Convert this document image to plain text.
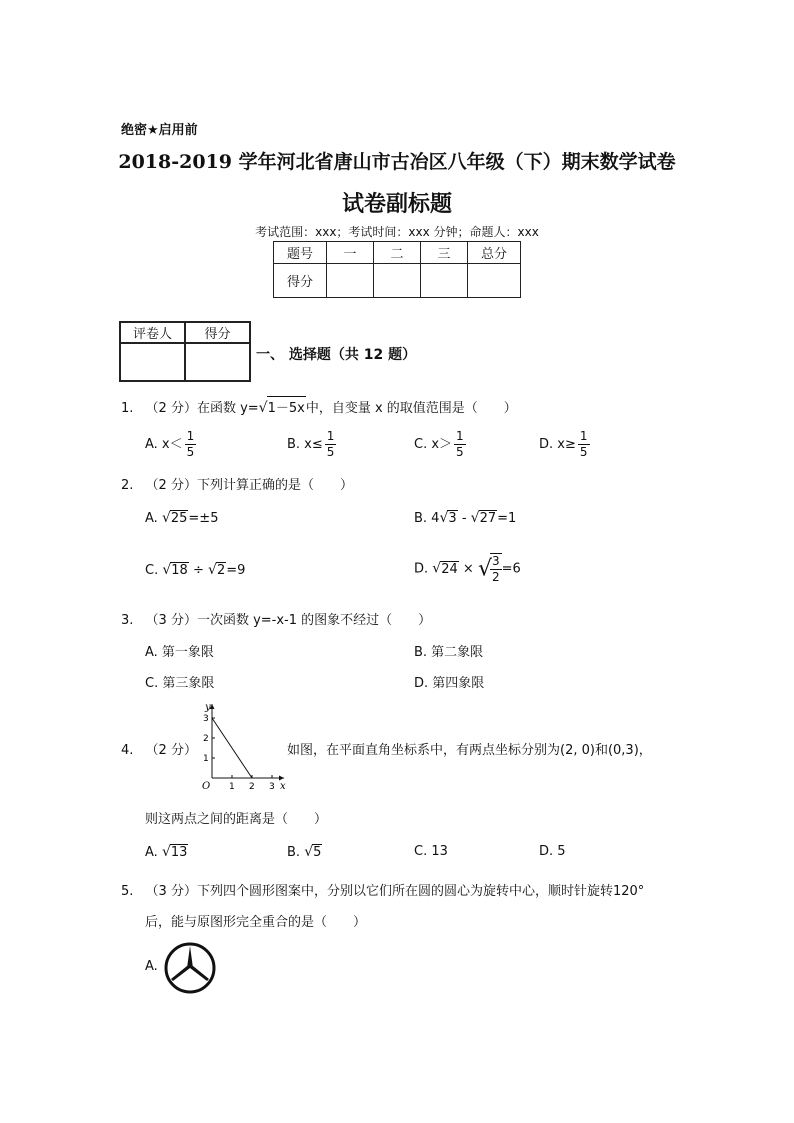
绝密★启用前
2018-2019 学年河北省唐山市古冶区八年级（下）期末数学试卷
试卷副标题
考试范围：xxx；考试时间：xxx 分钟；命题人：xxx
题号	一	二	三	总分
得分				
评卷人	得分

一、 选择题（共 12 题）
1. （2 分）在函数 y=√1－5x中，自变量 x 的取值范围是（　　）
A. $x< \frac{1}{5}$	B. $x\le \frac{1}{5}$	C. $x> \frac{1}{5}$	D. $x\ge \frac{1}{5}$
2. （2 分）下列计算正确的是（　　）
A. √25=±5	B. 4√3 - √27=1
C. √18 ÷ √2=9	D. √24 × √
$\frac{3}{2} =6$
3. （3 分）一次函数 y=-x-1 的图象不经过（　　）
A. 第一象限	B. 第二象限
C. 第三象限	D. 第四象限
4. （2 分）
y
x
O 1 2 3
1
2
3
如图，在平面直角坐标系中，有两点坐标分别为(2, 0)和(0,3)，
则这两点之间的距离是（　　）
A. √13	B. √5	C. 13	D. 5
5. （3 分）下列四个圆形图案中，分别以它们所在圆的圆心为旋转中心，顺时针旋转120°
后，能与原图形完全重合的是（　　）
A.
